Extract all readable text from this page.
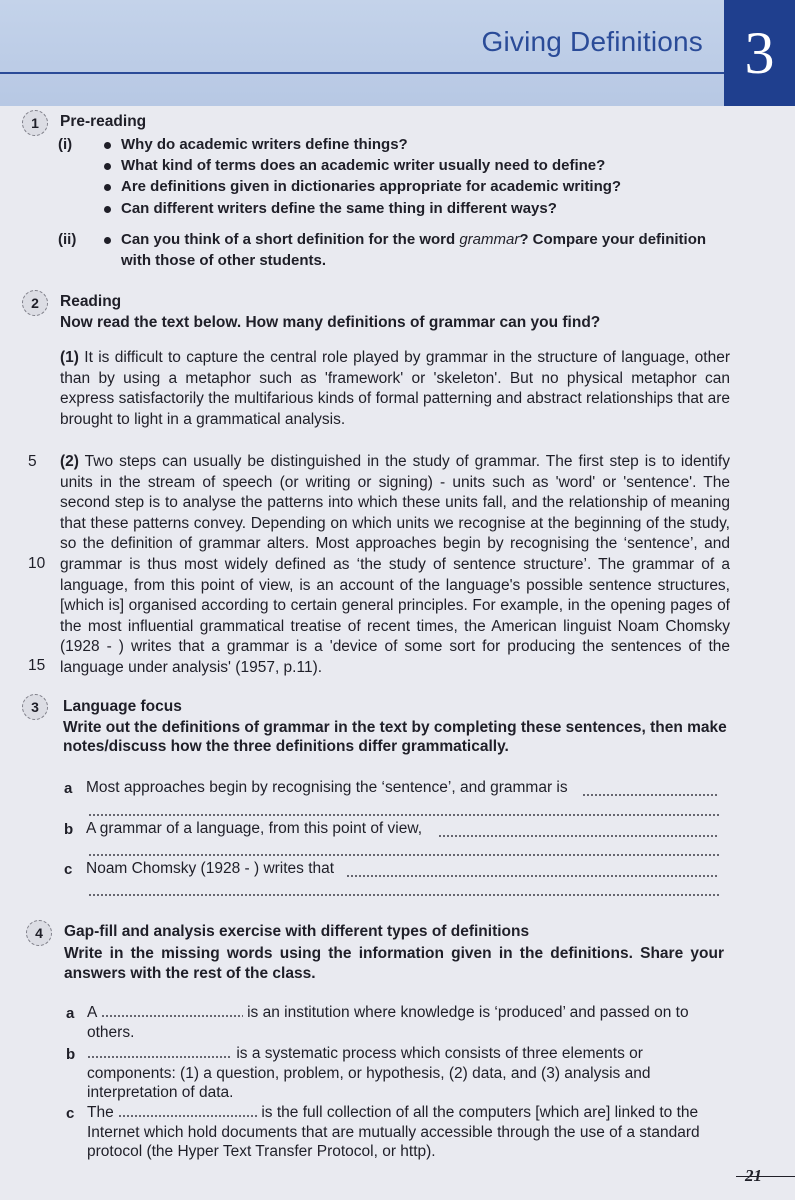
Giving Definitions 3
1	Pre-reading
(i)	Why do academic writers define things?
What kind of terms does an academic writer usually need to define?
Are definitions given in dictionaries appropriate for academic writing?
Can different writers define the same thing in different ways?
(ii)	Can you think of a short definition for the word grammar? Compare your definition
with those of other students.
2	Reading
Now read the text below. How many definitions of grammar can you find?
(1) It is difficult to capture the central role played by grammar in the structure of language, other than by using a metaphor such as 'framework' or 'skeleton'. But no physical metaphor can express satisfactorily the multifarious kinds of formal patterning and abstract relationships that are brought to light in a grammatical analysis.
5
10
15
(2) Two steps can usually be distinguished in the study of grammar. The first step is to identify units in the stream of speech (or writing or signing) - units such as 'word' or 'sentence'. The second step is to analyse the patterns into which these units fall, and the relationship of meaning that these patterns convey. Depending on which units we recognise at the beginning of the study, so the definition of grammar alters. Most approaches begin by recognising the ‘sentence’, and grammar is thus most widely defined as ‘the study of sentence structure’. The grammar of a language, from this point of view, is an account of the language's possible sentence structures, [which is] organised according to certain general principles. For example, in the opening pages of the most influential grammatical treatise of recent times, the American linguist Noam Chomsky (1928 - ) writes that a grammar is a 'device of some sort for producing the sentences of the language under analysis' (1957, p.11).
3	Language focus
Write out the definitions of grammar in the text by completing these sentences, then make
notes/discuss how the three definitions differ grammatically.
a Most approaches begin by recognising the ‘sentence’, and grammar is
b A grammar of a language, from this point of view,
c Noam Chomsky (1928 - ) writes that
4	Gap-fill and analysis exercise with different types of definitions
Write in the missing words using the information given in the definitions. Share your answers with the rest of the class.
a A	is an institution where knowledge is ‘produced’ and passed on to
others.
b	is a systematic process which consists of three elements or
components: (1) a question, problem, or hypothesis, (2) data, and (3) analysis and
interpretation of data.
c The	is the full collection of all the computers [which are] linked to the
Internet which hold documents that are mutually accessible through the use of a standard
protocol (the Hyper Text Transfer Protocol, or http).
21
